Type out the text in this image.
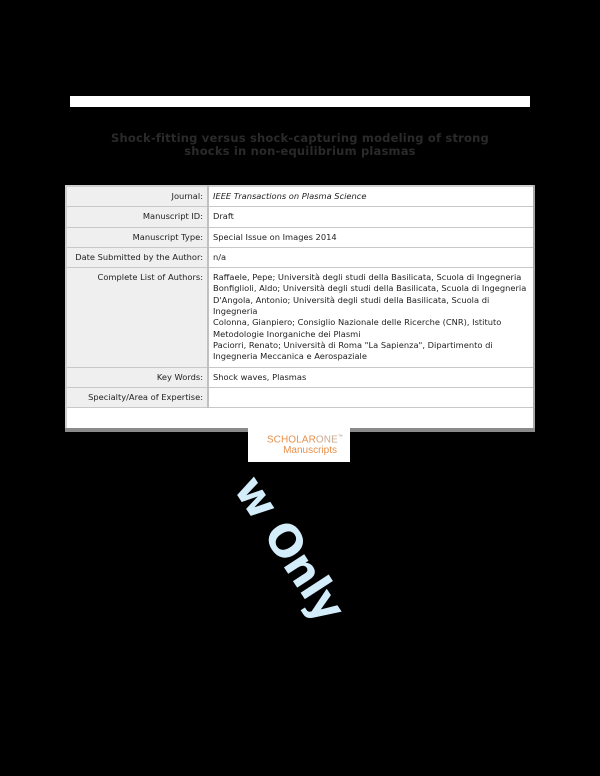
Shock-fitting versus shock-capturing modeling of strong
shocks in non-equilibrium plasmas
w Only
Journal:	IEEE Transactions on Plasma Science
Manuscript ID:	Draft
Manuscript Type:	Special Issue on Images 2014
Date Submitted by the Author:	n/a
Complete List of Authors:	Raffaele, Pepe; Università degli studi della Basilicata, Scuola di Ingegneria
Bonfiglioli, Aldo; Università degli studi della Basilicata, Scuola di Ingegneria
D'Angola, Antonio; Università degli studi della Basilicata, Scuola di
Ingegneria
Colonna, Gianpiero; Consiglio Nazionale delle Ricerche (CNR), Istituto
Metodologie Inorganiche dei Plasmi
Paciorri, Renato; Università di Roma "La Sapienza", Dipartimento di
Ingegneria Meccanica e Aerospaziale

Key Words:	Shock waves, Plasmas
Specialty/Area of Expertise:	

SCHOLARONE™
Manuscripts
